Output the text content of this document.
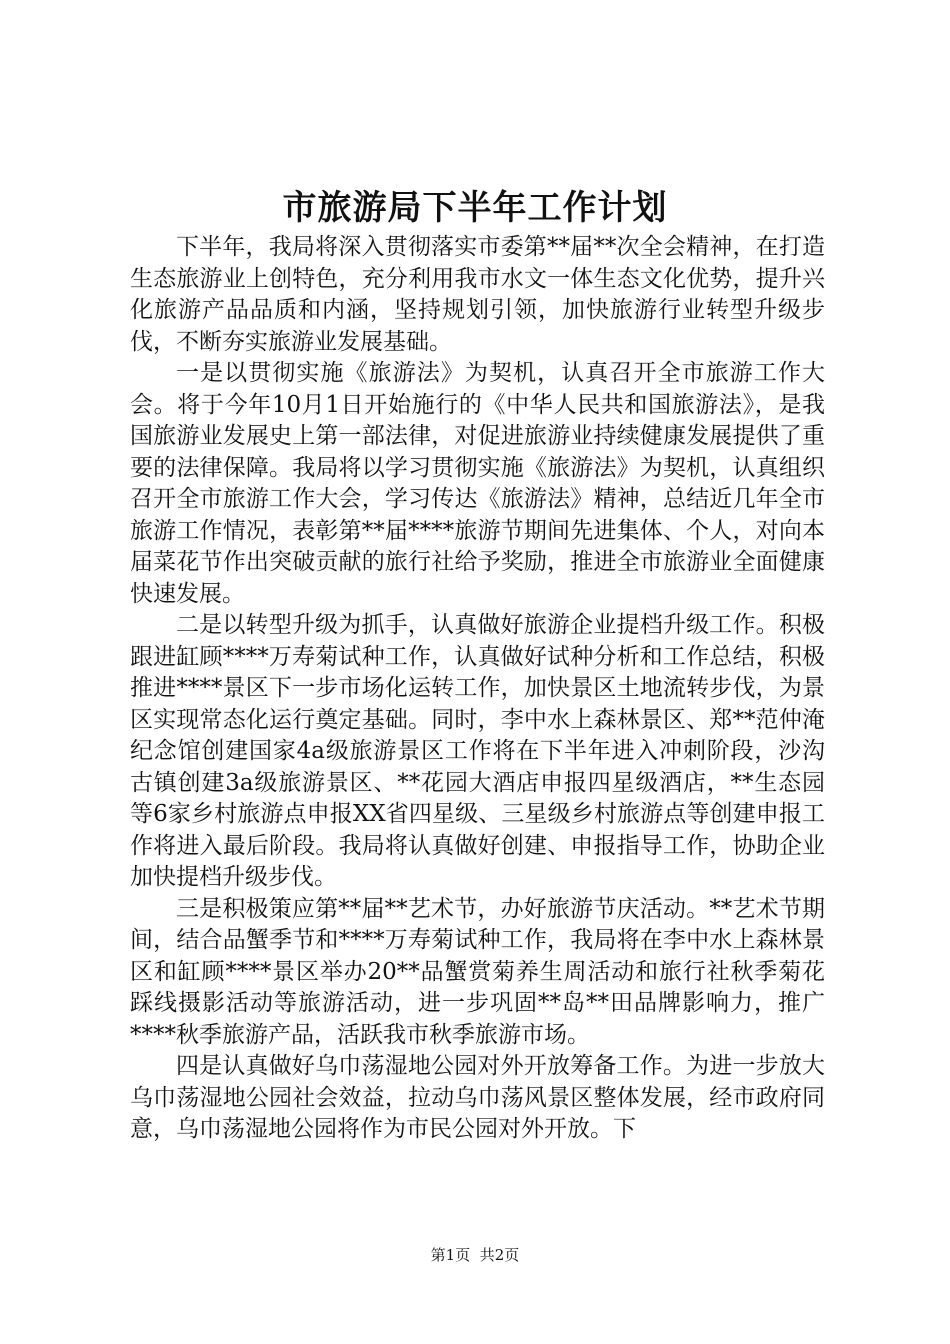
市旅游局下半年工作计划

下半年，我局将深入贯彻落实市委第**届**次全会精神，在打造生态旅游业上创特色，充分利用我市水文一体生态文化优势，提升兴化旅游产品品质和内涵，坚持规划引领，加快旅游行业转型升级步伐，不断夯实旅游业发展基础。

一是以贯彻实施《旅游法》为契机，认真召开全市旅游工作大会。将于今年10月1日开始施行的《中华人民共和国旅游法》，是我国旅游业发展史上第一部法律，对促进旅游业持续健康发展提供了重要的法律保障。我局将以学习贯彻实施《旅游法》为契机，认真组织召开全市旅游工作大会，学习传达《旅游法》精神，总结近几年全市旅游工作情况，表彰第**届****旅游节期间先进集体、个人，对向本届菜花节作出突破贡献的旅行社给予奖励，推进全市旅游业全面健康快速发展。

二是以转型升级为抓手，认真做好旅游企业提档升级工作。积极跟进缸顾****万寿菊试种工作，认真做好试种分析和工作总结，积极推进****景区下一步市场化运转工作，加快景区土地流转步伐，为景区实现常态化运行奠定基础。同时，李中水上森林景区、郑**范仲淹纪念馆创建国家4a级旅游景区工作将在下半年进入冲刺阶段，沙沟古镇创建3a级旅游景区、**花园大酒店申报四星级酒店，**生态园等6家乡村旅游点申报XX省四星级、三星级乡村旅游点等创建申报工作将进入最后阶段。我局将认真做好创建、申报指导工作，协助企业加快提档升级步伐。

三是积极策应第**届**艺术节，办好旅游节庆活动。**艺术节期间，结合品蟹季节和****万寿菊试种工作，我局将在李中水上森林景区和缸顾****景区举办20**品蟹赏菊养生周活动和旅行社秋季菊花踩线摄影活动等旅游活动，进一步巩固**岛**田品牌影响力，推广****秋季旅游产品，活跃我市秋季旅游市场。

四是认真做好乌巾荡湿地公园对外开放筹备工作。为进一步放大乌巾荡湿地公园社会效益，拉动乌巾荡风景区整体发展，经市政府同意，乌巾荡湿地公园将作为市民公园对外开放。下

第1页 共2页
